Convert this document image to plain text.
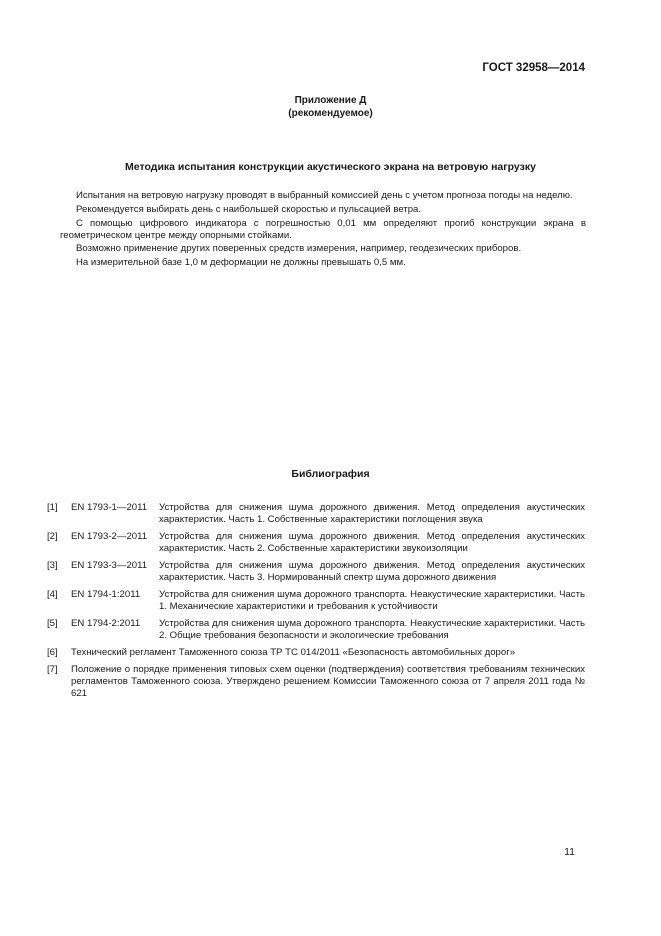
ГОСТ 32958—2014
Приложение Д
(рекомендуемое)
Методика испытания конструкции акустического экрана на ветровую нагрузку

Испытания на ветровую нагрузку проводят в выбранный комиссией день с учетом прогноза погоды на неделю.

Рекомендуется выбирать день с наибольшей скоростью и пульсацией ветра.

С помощью цифрового индикатора с погрешностью 0,01 мм определяют прогиб конструкции экрана в геометрическом центре между опорными стойками.

Возможно применение других поверенных средств измерения, например, геодезических приборов.

На измерительной базе 1,0 м деформации не должны превышать 0,5 мм.

Библиография
[1]	EN 1793-1—2011	Устройства для снижения шума дорожного движения. Метод определения акустических характеристик. Часть 1. Собственные характеристики поглощения звука
[2]	EN 1793-2—2011	Устройства для снижения шума дорожного движения. Метод определения акустических характеристик. Часть 2. Собственные характеристики звукоизоляции
[3]	EN 1793-3—2011	Устройства для снижения шума дорожного движения. Метод определения акустических характеристик. Часть 3. Нормированный спектр шума дорожного движения
[4]	EN 1794-1:2011	Устройства для снижения шума дорожного транспорта. Неакустические характеристики. Часть 1. Механические характеристики и требования к устойчивости
[5]	EN 1794-2:2011	Устройства для снижения шума дорожного транспорта. Неакустические характеристики. Часть 2. Общие требования безопасности и экологические требования
[6]	Технический регламент Таможенного союза ТР ТС 014/2011 «Безопасность автомобильных дорог»
[7]	Положение о порядке применения типовых схем оценки (подтверждения) соответствия требованиям технических регламентов Таможенного союза. Утверждено решением Комиссии Таможенного союза от 7 апреля 2011 года № 621
11
